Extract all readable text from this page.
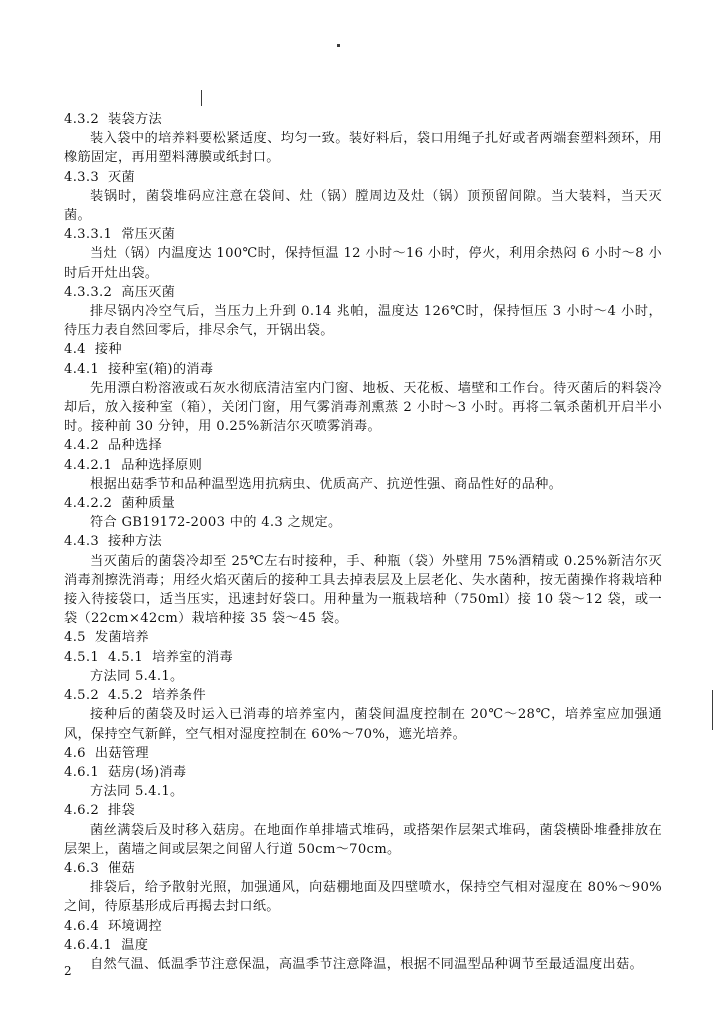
4.3.2  装袋方法
装入袋中的培养料要松紧适度、均匀一致。装好料后，袋口用绳子扎好或者两端套塑料颈环，用橡筋固定，再用塑料薄膜或纸封口。
4.3.3  灭菌
装锅时，菌袋堆码应注意在袋间、灶（锅）膛周边及灶（锅）顶预留间隙。当大装料，当天灭菌。
4.3.3.1  常压灭菌
当灶（锅）内温度达 100℃时，保持恒温 12 小时～16 小时，停火，利用余热闷 6 小时～8 小时后开灶出袋。
4.3.3.2  高压灭菌
排尽锅内冷空气后，当压力上升到 0.14 兆帕，温度达 126℃时，保持恒压 3 小时～4 小时，待压力表自然回零后，排尽余气，开锅出袋。
4.4  接种
4.4.1  接种室(箱)的消毒
先用漂白粉溶液或石灰水彻底清洁室内门窗、地板、天花板、墙壁和工作台。待灭菌后的料袋冷却后，放入接种室（箱），关闭门窗，用气雾消毒剂熏蒸 2 小时～3 小时。再将二氧杀菌机开启半小时。接种前 30 分钟，用 0.25%新洁尔灭喷雾消毒。
4.4.2  品种选择
4.4.2.1  品种选择原则
根据出菇季节和品种温型选用抗病虫、优质高产、抗逆性强、商品性好的品种。
4.4.2.2  菌种质量
符合 GB19172-2003 中的 4.3 之规定。
4.4.3  接种方法
当灭菌后的菌袋冷却至 25℃左右时接种，手、种瓶（袋）外壁用 75%酒精或 0.25%新洁尔灭消毒剂擦洗消毒；用经火焰灭菌后的接种工具去掉表层及上层老化、失水菌种，按无菌操作将栽培种接入待接袋口，适当压实，迅速封好袋口。用种量为一瓶栽培种（750ml）接 10 袋～12 袋，或一袋（22cm×42cm）栽培种接 35 袋～45 袋。
4.5  发菌培养
4.5.1  4.5.1  培养室的消毒
方法同 5.4.1。
4.5.2  4.5.2  培养条件
接种后的菌袋及时运入已消毒的培养室内，菌袋间温度控制在 20℃～28℃，培养室应加强通风，保持空气新鲜，空气相对湿度控制在 60%～70%，遮光培养。
4.6  出菇管理
4.6.1  菇房(场)消毒
方法同 5.4.1。
4.6.2  排袋
菌丝满袋后及时移入菇房。在地面作单排墙式堆码，或搭架作层架式堆码，菌袋横卧堆叠排放在层架上，菌墙之间或层架之间留人行道 50cm～70cm。
4.6.3  催菇
排袋后，给予散射光照，加强通风，向菇棚地面及四壁喷水，保持空气相对湿度在 80%～90%之间，待原基形成后再揭去封口纸。
4.6.4  环境调控
4.6.4.1  温度
自然气温、低温季节注意保温，高温季节注意降温，根据不同温型品种调节至最适温度出菇。
2
